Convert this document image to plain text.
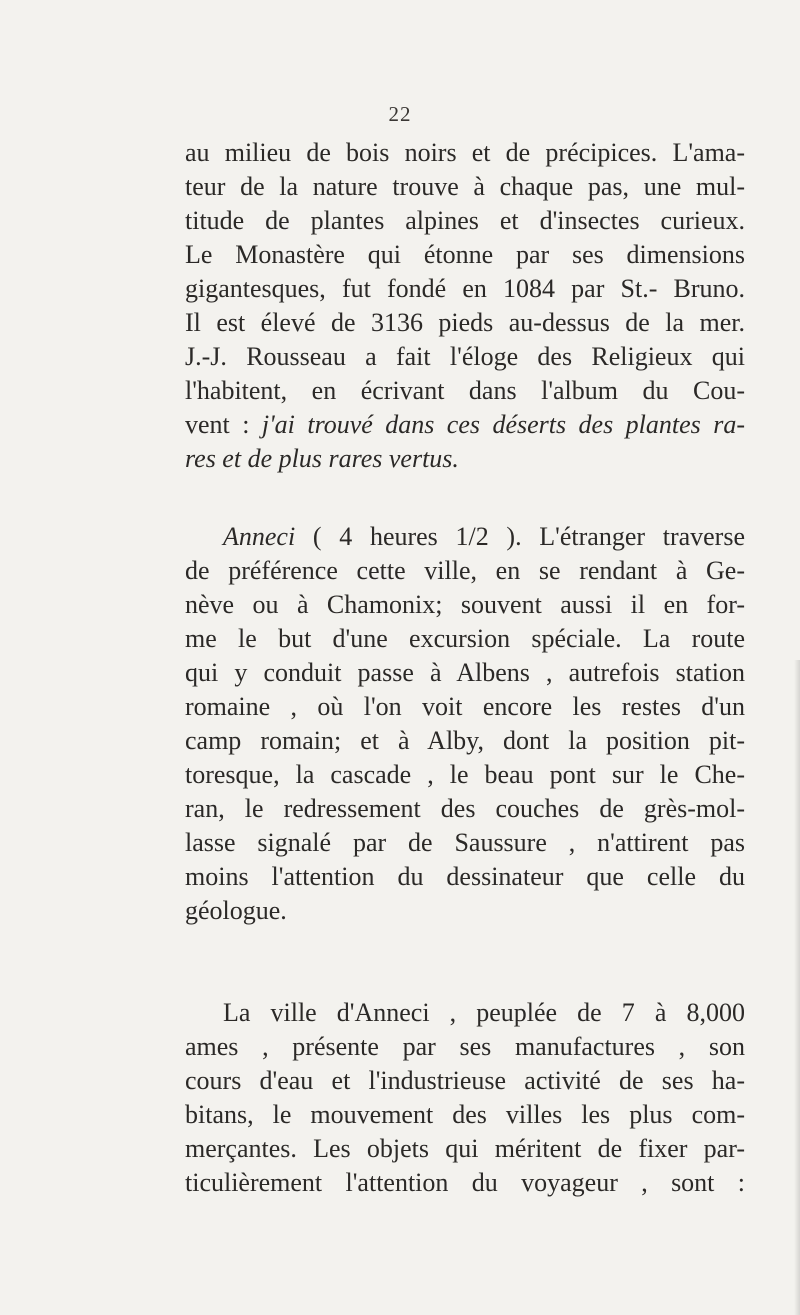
22
au milieu de bois noirs et de précipices. L'ama-
teur de la nature trouve à chaque pas, une mul-
titude de plantes alpines et d'insectes curieux.
Le Monastère qui étonne par ses dimensions
gigantesques, fut fondé en 1084 par St.- Bruno.
Il est élevé de 3136 pieds au-dessus de la mer.
J.-J. Rousseau a fait l'éloge des Religieux qui
l'habitent, en écrivant dans l'album du Cou-
vent : j'ai trouvé dans ces déserts des plantes ra-
res et de plus rares vertus.
Anneci ( 4 heures 1/2 ). L'étranger traverse
de préférence cette ville, en se rendant à Ge-
nève ou à Chamonix; souvent aussi il en for-
me le but d'une excursion spéciale. La route
qui y conduit passe à Albens , autrefois station
romaine , où l'on voit encore les restes d'un
camp romain; et à Alby, dont la position pit-
toresque, la cascade , le beau pont sur le Che-
ran, le redressement des couches de grès-mol-
lasse signalé par de Saussure , n'attirent pas
moins l'attention du dessinateur que celle du
géologue.
La ville d'Anneci , peuplée de 7 à 8,000
ames , présente par ses manufactures , son
cours d'eau et l'industrieuse activité de ses ha-
bitans, le mouvement des villes les plus com-
merçantes. Les objets qui méritent de fixer par-
ticulièrement l'attention du voyageur , sont :
